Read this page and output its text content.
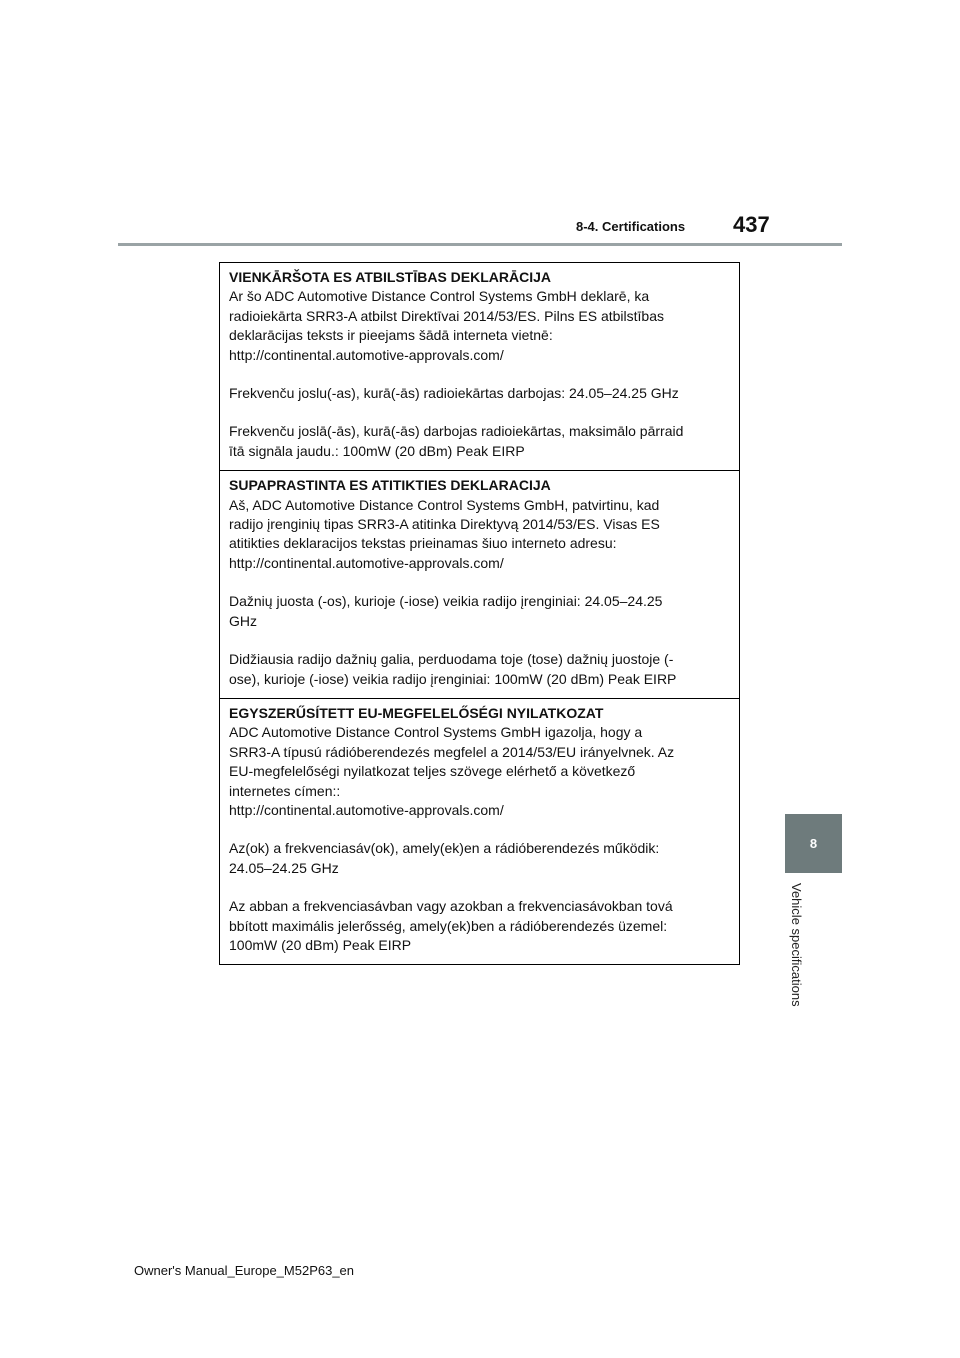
8-4. Certifications 437
8
Vehicle specifications
VIENKĀRŠOTA ES ATBILSTĪBAS DEKLARĀCIJA
Ar šo ADC Automotive Distance Control Systems GmbH deklarē, ka
radioiekārta SRR3-A atbilst Direktīvai 2014/53/ES. Pilns ES atbilstības
deklarācijas teksts ir pieejams šādā interneta vietnē:
http://continental.automotive-approvals.com/
Frekvenču joslu(-as), kurā(-ās) radioiekārtas darbojas: 24.05–24.25 GHz
Frekvenču joslā(-ās), kurā(-ās) darbojas radioiekārtas, maksimālo pārraid
ītā signāla jaudu.: 100mW (20 dBm) Peak EIRP
SUPAPRASTINTA ES ATITIKTIES DEKLARACIJA
Aš, ADC Automotive Distance Control Systems GmbH, patvirtinu, kad
radijo įrenginių tipas SRR3-A atitinka Direktyvą 2014/53/ES. Visas ES
atitikties deklaracijos tekstas prieinamas šiuo interneto adresu:
http://continental.automotive-approvals.com/
Dažnių juosta (-os), kurioje (-iose) veikia radijo įrenginiai: 24.05–24.25
GHz
Didžiausia radijo dažnių galia, perduodama toje (tose) dažnių juostoje (-
ose), kurioje (-iose) veikia radijo įrenginiai: 100mW (20 dBm) Peak EIRP
EGYSZERŰSÍTETT EU-MEGFELELŐSÉGI NYILATKOZAT
ADC Automotive Distance Control Systems GmbH igazolja, hogy a
SRR3-A típusú rádióberendezés megfelel a 2014/53/EU irányelvnek. Az
EU-megfelelőségi nyilatkozat teljes szövege elérhető a következő
internetes címen::
http://continental.automotive-approvals.com/
Az(ok) a frekvenciasáv(ok), amely(ek)en a rádióberendezés működik:
24.05–24.25 GHz
Az abban a frekvenciasávban vagy azokban a frekvenciasávokban tová
bbított maximális jelerősség, amely(ek)ben a rádióberendezés üzemel:
100mW (20 dBm) Peak EIRP
Owner's Manual_Europe_M52P63_en
